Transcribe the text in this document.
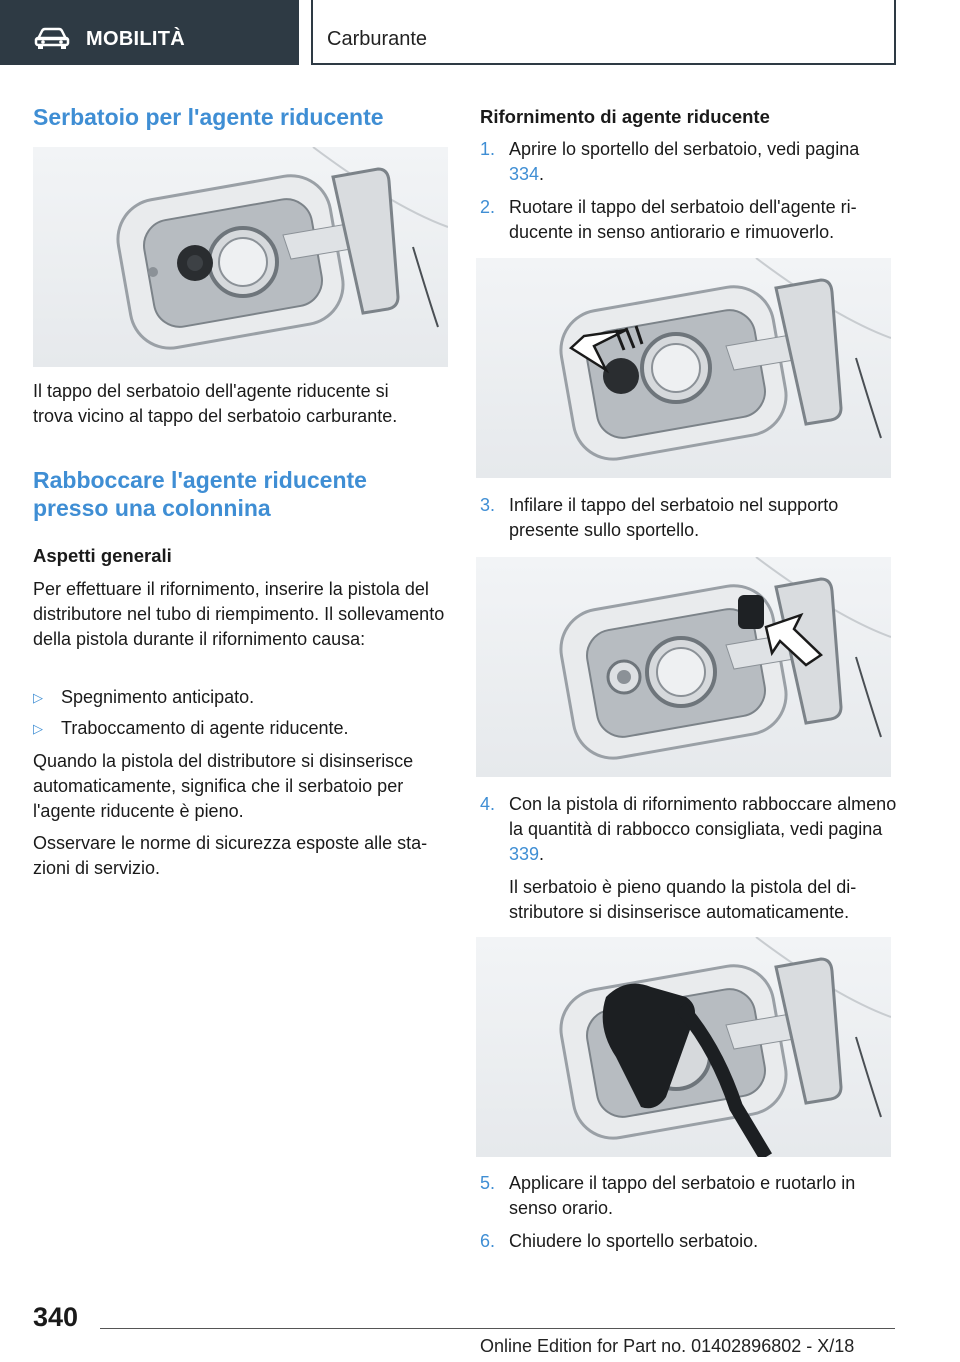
MOBILITÀ	Carburante
Serbatoio per l'agente riducente

Il tappo del serbatoio dell'agente riducente si trova vicino al tappo del serbatoio carburante.

Rabboccare l'agente riducente
presso una colonnina
Aspetti generali

Per effettuare il rifornimento, inserire la pistola del distributore nel tubo di riempimento. Il sollevamento della pistola durante il rifornimento causa:

▷ Spegnimento anticipato.
▷ Traboccamento di agente riducente.

Quando la pistola del distributore si disinserisce automaticamente, significa che il serbatoio per l'agente riducente è pieno.

Osservare le norme di sicurezza esposte alle stazioni di servizio.

Rifornimento di agente riducente
1. Aprire lo sportello del serbatoio, vedi pagina 334.
2. Ruotare il tappo del serbatoio dell'agente riducente in senso antiorario e rimuoverlo.
3. Infilare il tappo del serbatoio nel supporto presente sullo sportello.
4. Con la pistola di rifornimento rabboccare almeno la quantità di rabbocco consigliata, vedi pagina 339.

Il serbatoio è pieno quando la pistola del distributore si disinserisce automaticamente.

5. Applicare il tappo del serbatoio e ruotarlo in senso orario.
6. Chiudere lo sportello serbatoio.
340
Online Edition for Part no. 01402896802 - X/18
